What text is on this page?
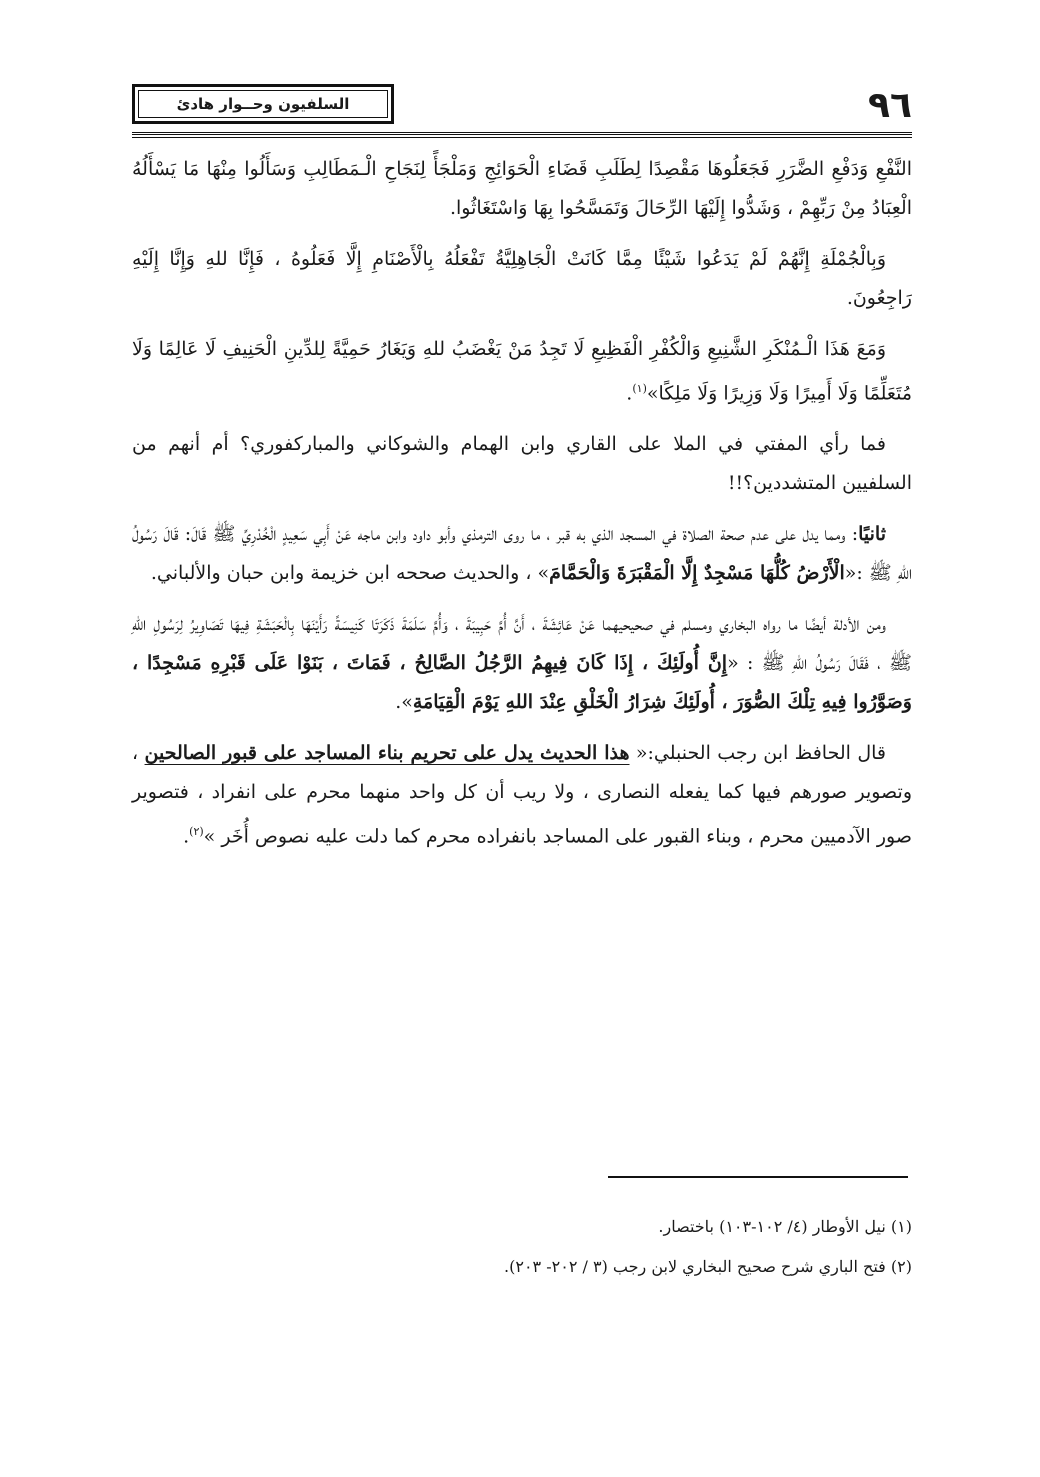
٩٦
السلفيون وحــوار هادئ

النَّفْعِ وَدَفْعِ الضَّرَرِ فَجَعَلُوهَا مَقْصِدًا لِطَلَبِ قَضَاءِ الْحَوَائِجِ وَمَلْجَأً لِنَجَاحِ الْـمَطَالِبِ وَسَأَلُوا مِنْهَا مَا يَسْأَلُهُ الْعِبَادُ مِنْ رَبِّهِمْ ، وَشَدُّوا إِلَيْهَا الرِّحَالَ وَتَمَسَّحُوا بِهَا وَاسْتَغَاثُوا.

وَبِالْجُمْلَةِ إِنَّهُمْ لَمْ يَدَعُوا شَيْئًا مِمَّا كَانَتْ الْجَاهِلِيَّةُ تَفْعَلُهُ بِالْأَصْنَامِ إِلَّا فَعَلُوهُ ، فَإِنَّا للهِ وَإِنَّا إِلَيْهِ رَاجِعُونَ.

وَمَعَ هَذَا الْـمُنْكَرِ الشَّنِيعِ وَالْكُفْرِ الْفَظِيعِ لَا تَجِدُ مَنْ يَغْضَبُ للهِ وَيَغَارُ حَمِيَّةً لِلدِّينِ الْحَنِيفِ لَا عَالِمًا وَلَا مُتَعَلِّمًا وَلَا أَمِيرًا وَلَا وَزِيرًا وَلَا مَلِكًا»$^{(١)}$.

فما رأي المفتي في الملا على القاري وابن الهمام والشوكاني والمباركفوري؟ أم أنهم من السلفيين المتشددين؟!!

ثانيًا: ومما يدل على عدم صحة الصلاة في المسجد الذي به قبر ، ما روى الترمذي وأبو داود وابن ماجه عَنْ أَبِي سَعِيدٍ الْخُدْرِيِّ ﷺ قَالَ: قَالَ رَسُولُ اللهِ ﷺ :«الْأَرْضُ كُلُّهَا مَسْجِدٌ إِلَّا الْمَقْبَرَةَ وَالْحَمَّامَ» ، والحديث صححه ابن خزيمة وابن حبان والألباني.

ومن الأدلة أيضًا ما رواه البخاري ومسلم في صحيحيهما عَنْ عَائِشَةَ ، أَنَّ أُمَّ حَبِيبَةَ ، وَأُمَّ سَلَمَةَ ذَكَرَتَا كَنِيسَةً رَأَيْنَهَا بِالْحَبَشَةِ فِيهَا تَصَاوِيرُ لِرَسُولِ اللهِ ﷺ ، فَقَالَ رَسُولُ اللهِ ﷺ : «إِنَّ أُولَئِكَ ، إِذَا كَانَ فِيهِمُ الرَّجُلُ الصَّالِحُ ، فَمَاتَ ، بَنَوْا عَلَى قَبْرِهِ مَسْجِدًا ، وَصَوَّرُوا فِيهِ تِلْكَ الصُّوَرَ ، أُولَئِكَ شِرَارُ الْخَلْقِ عِنْدَ اللهِ يَوْمَ الْقِيَامَةِ».

قال الحافظ ابن رجب الحنبلي:« هذا الحديث يدل على تحريم بناء المساجد على قبور الصالحين ، وتصوير صورهم فيها كما يفعله النصارى ، ولا ريب أن كل واحد منهما محرم على انفراد ، فتصوير صور الآدميين محرم ، وبناء القبور على المساجد بانفراده محرم كما دلت عليه نصوص أُخَر »$^{(٢)}$.

(١) نيل الأوطار (٤/ ١٠٢-١٠٣) باختصار.
(٢) فتح الباري شرح صحيح البخاري لابن رجب (٣ / ٢٠٢- ٢٠٣).
